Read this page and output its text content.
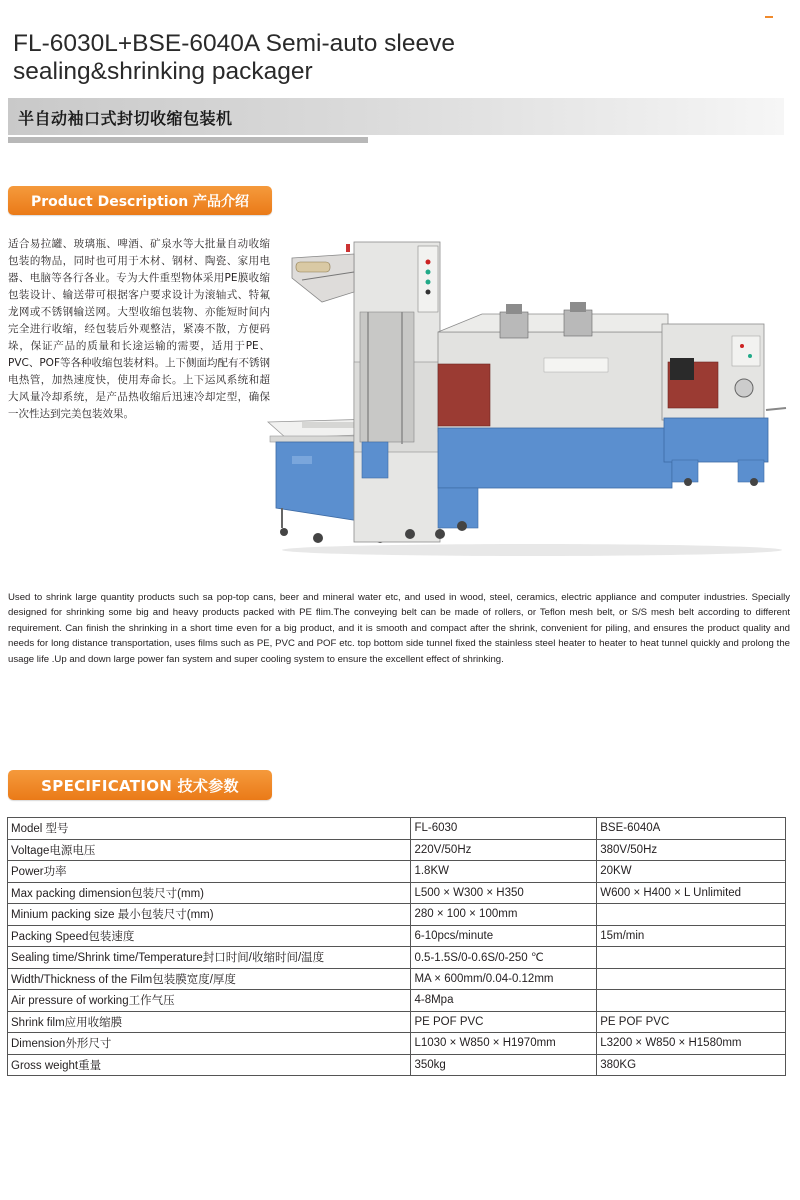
FL-6030L+BSE-6040A Semi-auto sleeve sealing&shrinking packager
半自动袖口式封切收缩包装机
Product Description 产品介绍

适合易拉罐、玻璃瓶、啤酒、矿泉水等大批量自动收缩包装的物品，同时也可用于木材、钢材、陶瓷、家用电器、电脑等各行各业。专为大件重型物体采用PE膜收缩包装设计、输送带可根据客户要求设计为滚轴式、特氟龙网或不锈钢输送网。大型收缩包装物、亦能短时间内完全进行收缩，经包装后外观整洁，紧凑不散，方便码垛，保证产品的质量和长途运输的需要，适用于PE、PVC、POF等各种收缩包装材料。上下侧面均配有不锈钢电热管，加热速度快，使用寿命长。上下运风系统和超大风量冷却系统，是产品热收缩后迅速冷却定型，确保一次性达到完美包装效果。

Used to shrink large quantity products such sa pop-top cans, beer and mineral water etc, and used in wood, steel, ceramics, electric appliance and computer industries. Specially designed for shrinking some big and heavy products packed with PE flim.The conveying belt can be made of rollers, or Teflon mesh belt, or S/S mesh belt according to different requirement. Can finish the shrinking in a short time even for a big product, and it is smooth and compact after the shrink, convenient for piling, and ensures the product quality and needs for long distance transportation, uses films such as PE, PVC and POF etc. top bottom side tunnel fixed the stainless steel heater to heater to heat tunnel quickly and prolong the usage life .Up and down large power fan system and super cooling system to ensure the excellent effect of shrinking.

SPECIFICATION 技术参数
Model 型号	FL-6030	BSE-6040A
Voltage电源电压	220V/50Hz	380V/50Hz
Power功率	1.8KW	20KW
Max packing dimension包装尺寸(mm)	L500 × W300 × H350	W600 × H400 × L Unlimited
Minium packing size 最小包装尺寸(mm)	280 × 100 × 100mm	
Packing Speed包装速度	6-10pcs/minute	15m/min
Sealing time/Shrink time/Temperature封口时间/收缩时间/温度	0.5-1.5S/0-0.6S/0-250 ℃	
Width/Thickness of the Film包装膜宽度/厚度	MA × 600mm/0.04-0.12mm	
Air pressure of working工作气压	4-8Mpa	
Shrink film应用收缩膜	PE POF PVC	PE POF PVC
Dimension外形尺寸	L1030 × W850 × H1970mm	L3200 × W850 × H1580mm
Gross weight重量	350kg	380KG
